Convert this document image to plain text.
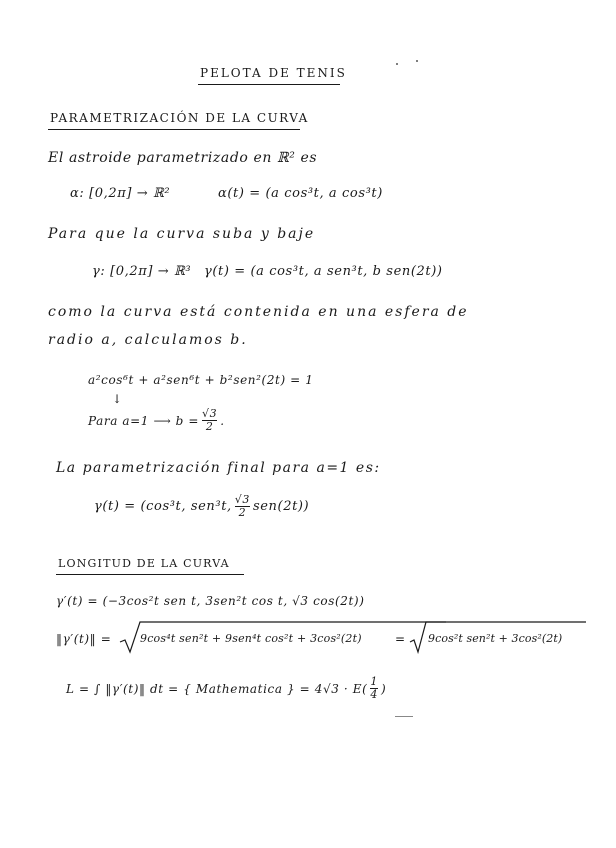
PELOTA DE TENIS
PARAMETRIZACIÓN DE LA CURVA
El astroide parametrizado en ℝ² es
α: [0,2π] → ℝ²	α(t) = (a cos³t, a cos³t)
Para que la curva suba y baje
γ: [0,2π] → ℝ³ γ(t) = (a cos³t, a sen³t, b sen(2t))
como la curva está contenida en una esfera de
radio a, calculamos b.
a²cos⁶t + a²sen⁶t + b²sen²(2t) = 1
↓
Para a=1 ⟶ $b = \frac{√3}{2}$ .
La parametrización final para a=1 es:
γ(t) = (cos³t, sen³t, $\frac{√3}{2} sen(2t)$)
LONGITUD DE LA CURVA
γ′(t) = (−3cos²t sen t, 3sen²t cos t, √3 cos(2t))
‖γ′(t)‖ =	9cos⁴t sen²t + 9sen⁴t cos²t + 3cos²(2t)	= 9cos²t sen²t + 3cos²(2t)
L = ∫ ‖γ′(t)‖ dt = { Mathematica } = $4√3 \cdot E( \frac{1}{4}$ )
